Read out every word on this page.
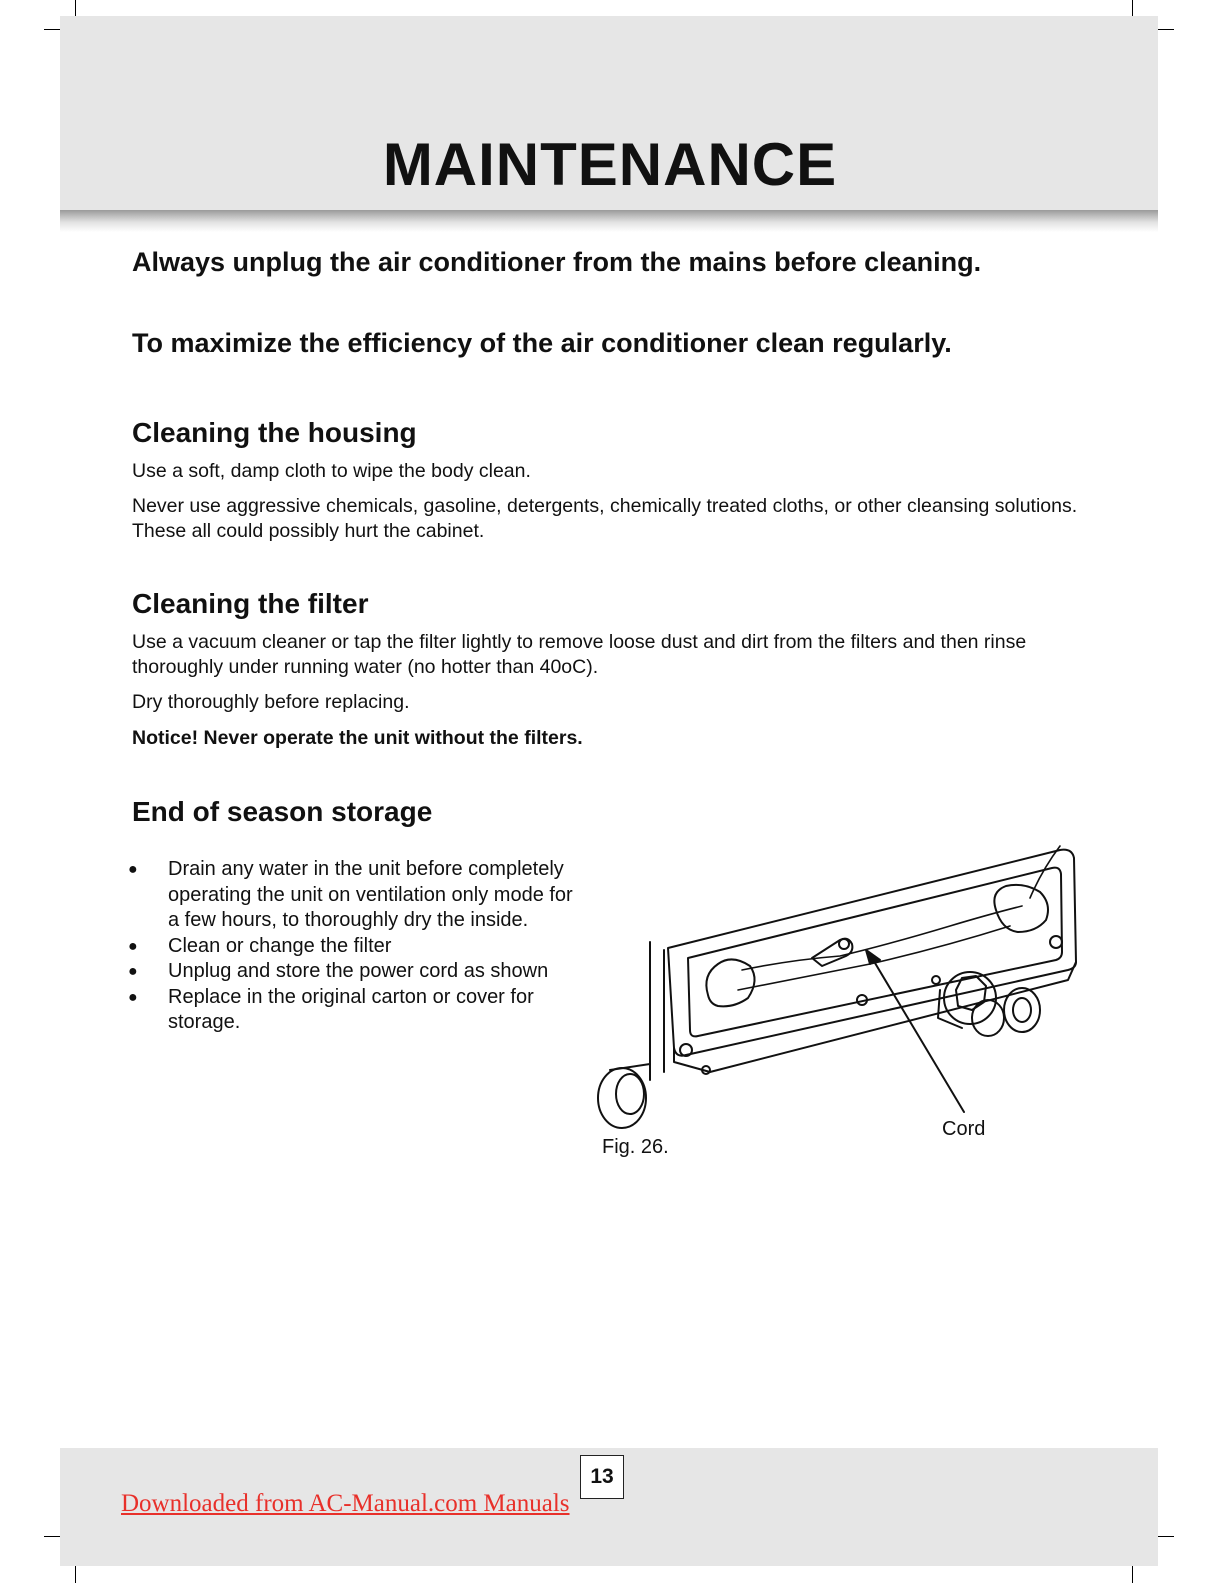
MAINTENANCE

Always unplug the air conditioner from the mains before cleaning.

To maximize the efficiency of the air conditioner clean regularly.

Cleaning the housing

Use a soft, damp cloth to wipe the body clean.

Never use aggressive chemicals, gasoline, detergents, chemically treated cloths, or other cleansing solutions. These all could possibly hurt the cabinet.

Cleaning the filter

Use a vacuum cleaner or tap the filter lightly to remove loose dust and dirt from the filters and then rinse thoroughly under running water (no hotter than 40oC).

Dry thoroughly before replacing.

Notice! Never operate the unit without the filters.

End of season storage
● Drain any water in the unit before completely operating the unit on ventilation only mode for a few hours, to thoroughly dry the inside.
● Clean or change the filter
● Unplug and store the power cord as shown
● Replace in the original carton or cover for storage.
Fig. 26.
Cord
13
Downloaded from AC-Manual.com Manuals
